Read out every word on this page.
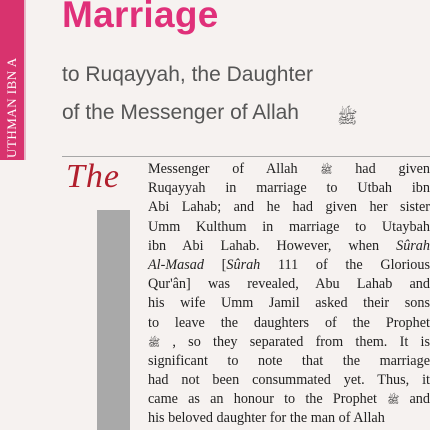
UTHMAN IBN A
Marriage
to Ruqayyah, the Daughter
of the Messenger of Allah ﷺ
The Messenger of Allah ﷺ had given
Ruqayyah in marriage to Utbah ibn
Abi Lahab; and he had given her sister
Umm Kulthum in marriage to Utaybah
ibn Abi Lahab. However, when Sûrah
Al-Masad [Sûrah 111 of the Glorious
Qur'ân] was revealed, Abu Lahab and
his wife Umm Jamil asked their sons
to leave the daughters of the Prophet
ﷺ , so they separated from them. It is
significant to note that the marriage
had not been consummated yet. Thus, it
came as an honour to the Prophet ﷺ and
his beloved daughter for the man of Allah
